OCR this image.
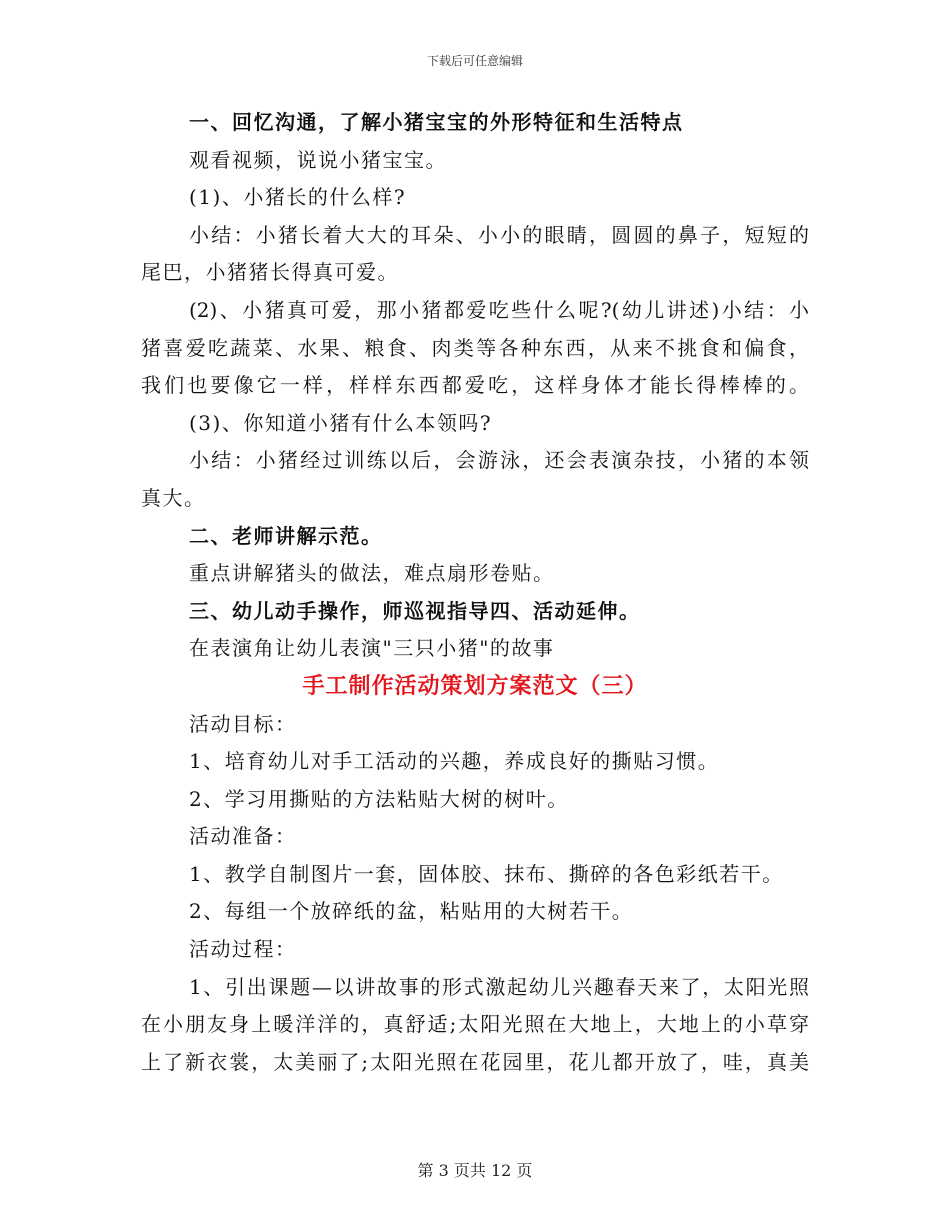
下载后可任意编辑
一、回忆沟通，了解小猪宝宝的外形特征和生活特点
观看视频，说说小猪宝宝。
(1)、小猪长的什么样?
小结：小猪长着大大的耳朵、小小的眼睛，圆圆的鼻子，短短的
尾巴，小猪猪长得真可爱。
(2)、小猪真可爱，那小猪都爱吃些什么呢?(幼儿讲述)小结：小
猪喜爱吃蔬菜、水果、粮食、肉类等各种东西，从来不挑食和偏食，
我们也要像它一样，样样东西都爱吃，这样身体才能长得棒棒的。
(3)、你知道小猪有什么本领吗?
小结：小猪经过训练以后，会游泳，还会表演杂技，小猪的本领
真大。
二、老师讲解示范。
重点讲解猪头的做法，难点扇形卷贴。
三、幼儿动手操作，师巡视指导四、活动延伸。
在表演角让幼儿表演"三只小猪"的故事
手工制作活动策划方案范文（三）
活动目标：
1、培育幼儿对手工活动的兴趣，养成良好的撕贴习惯。
2、学习用撕贴的方法粘贴大树的树叶。
活动准备：
1、教学自制图片一套，固体胶、抹布、撕碎的各色彩纸若干。
2、每组一个放碎纸的盆，粘贴用的大树若干。
活动过程：
1、引出课题—以讲故事的形式激起幼儿兴趣春天来了，太阳光照
在小朋友身上暖洋洋的，真舒适;太阳光照在大地上，大地上的小草穿
上了新衣裳，太美丽了;太阳光照在花园里，花儿都开放了，哇，真美
第 3 页共 12 页
